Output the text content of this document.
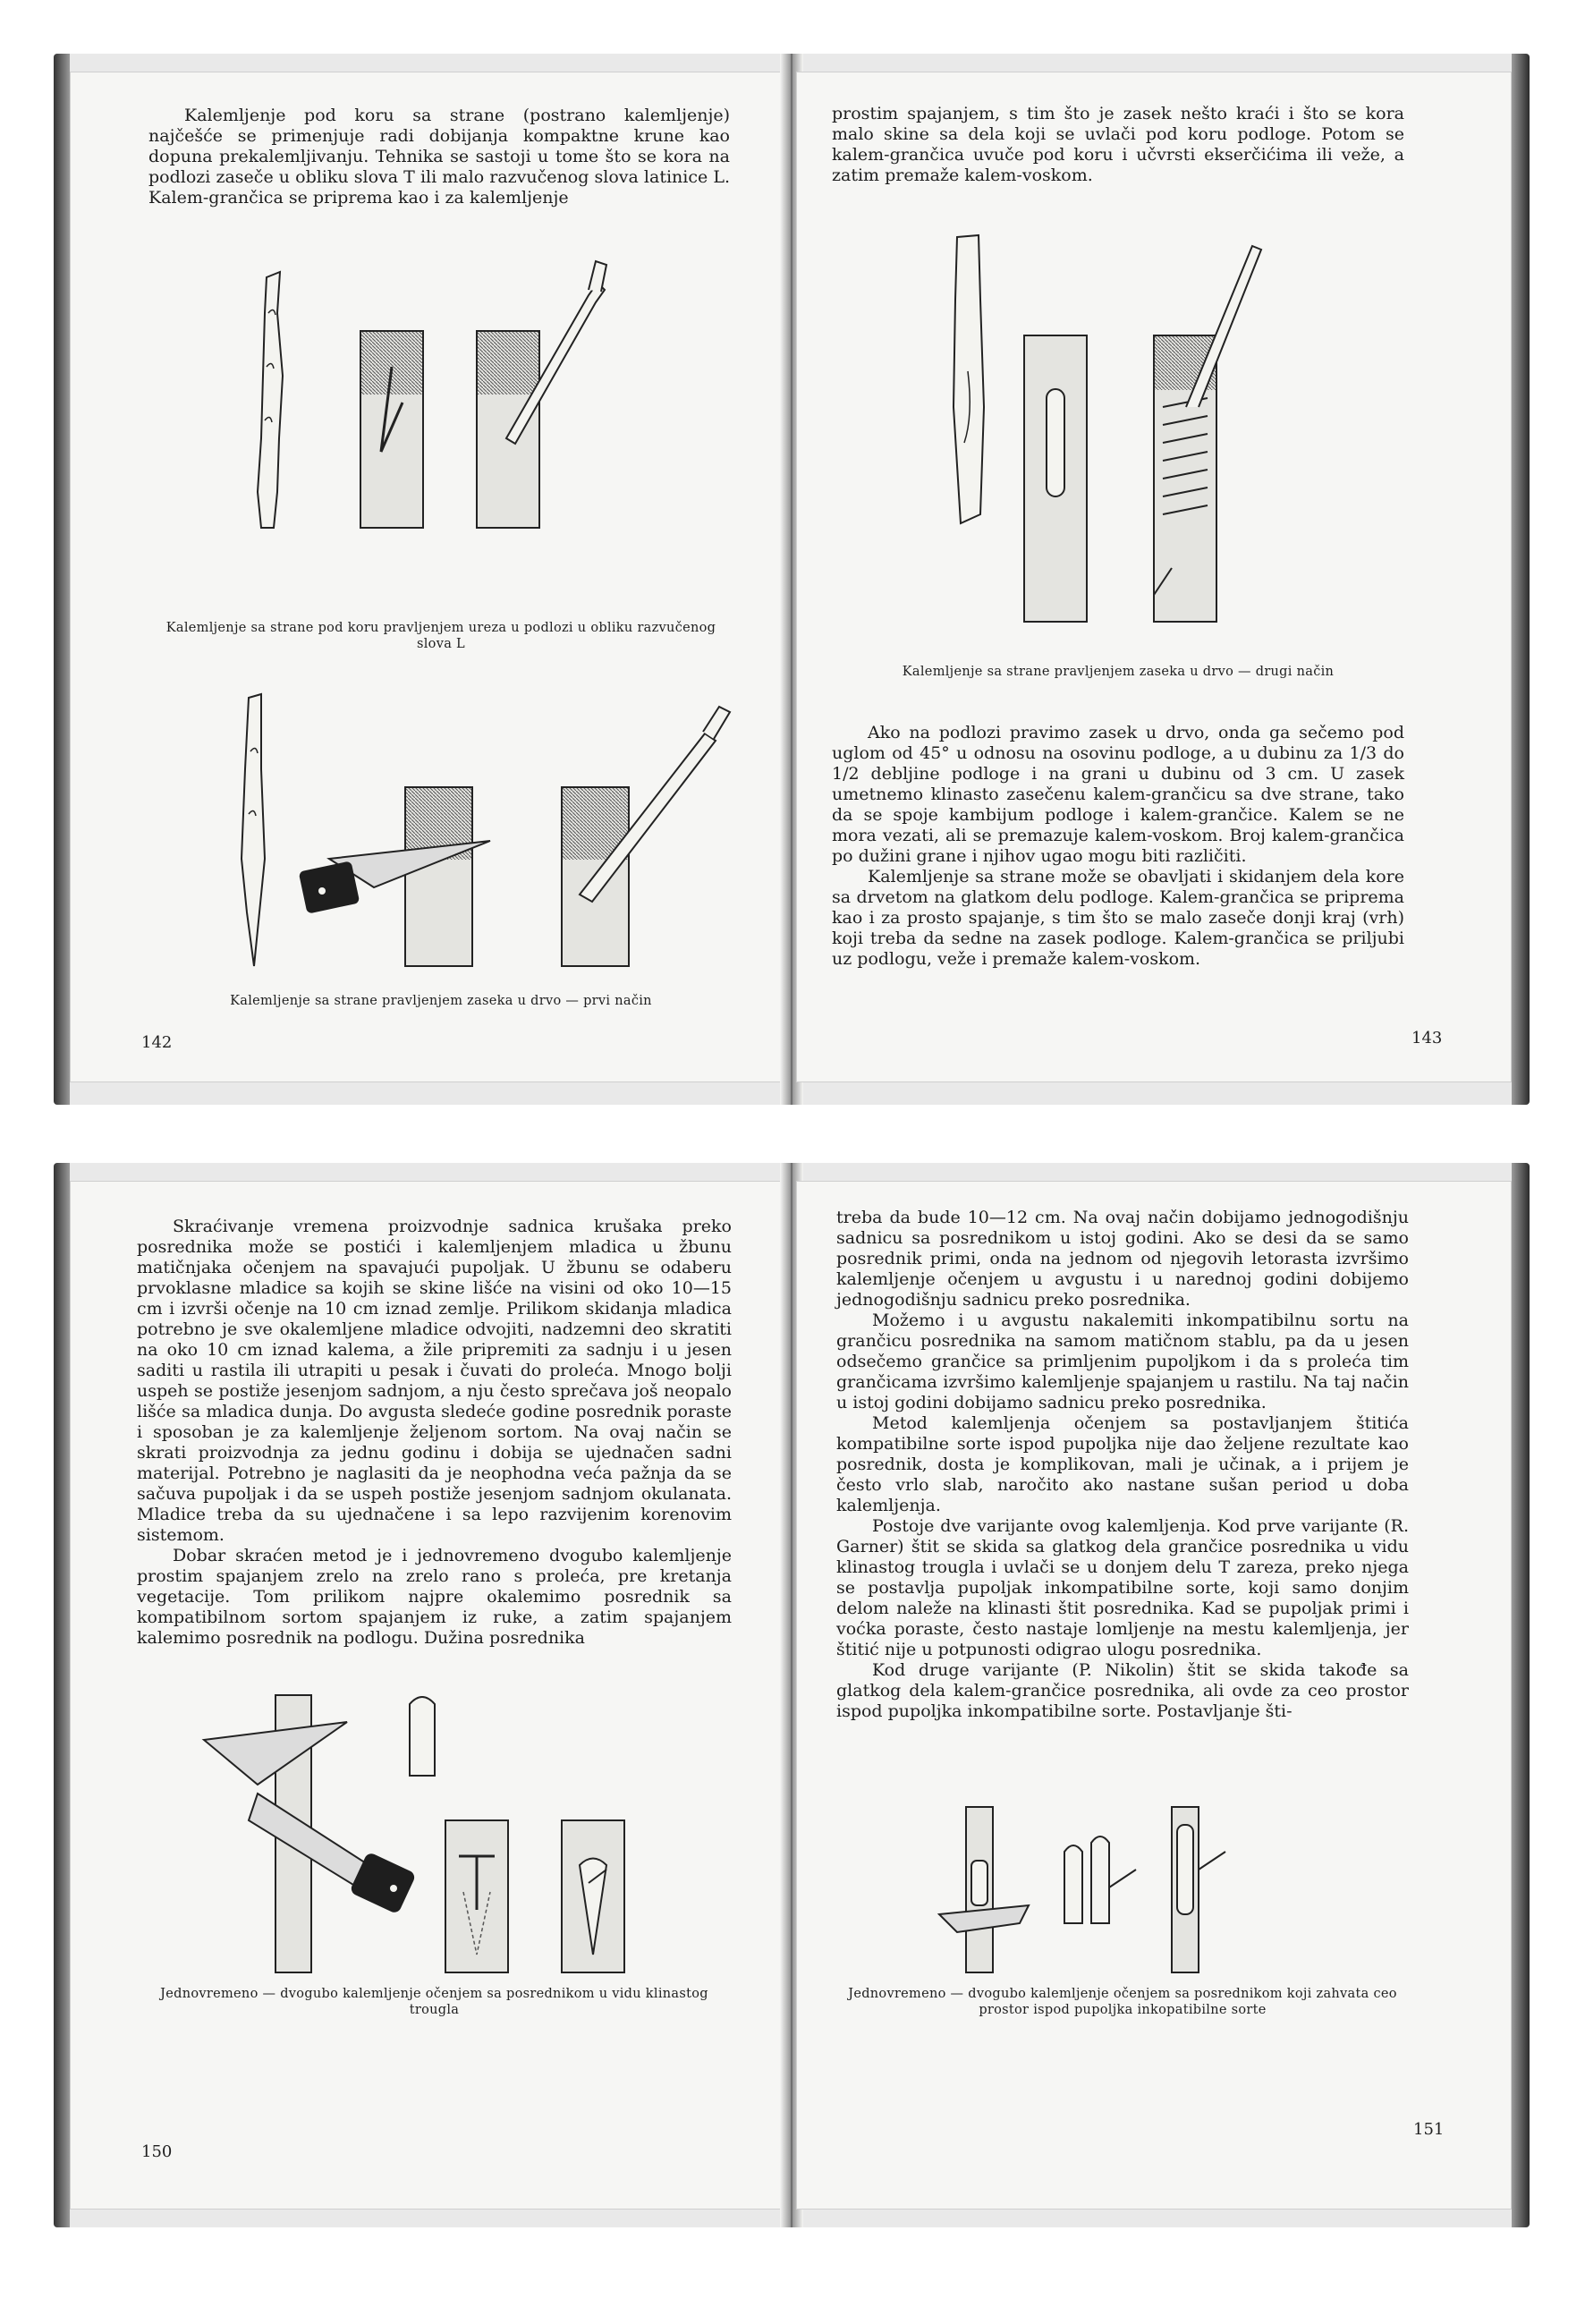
Kalemljenje pod koru sa strane (postrano kalemljenje) najčešće se primenjuje radi dobijanja kompaktne krune kao dopuna prekalemljivanju. Tehnika se sastoji u tome što se kora na podlozi zaseče u obliku slova T ili malo razvučenog slova latinice L. Kalem-grančica se priprema kao i za kalemljenje

Kalemljenje sa strane pod koru pravljenjem ureza u podlozi u obliku razvučenog slova L
Kalemljenje sa strane pravljenjem zaseka u drvo — prvi način
142

prostim spajanjem, s tim što je zasek nešto kraći i što se kora malo skine sa dela koji se uvlači pod koru podloge. Potom se kalem-grančica uvuče pod koru i učvrsti ekserčićima ili veže, a zatim premaže kalem-voskom.

Kalemljenje sa strane pravljenjem zaseka u drvo — drugi način

Ako na podlozi pravimo zasek u drvo, onda ga sečemo pod uglom od 45° u odnosu na osovinu podloge, a u dubinu za 1/3 do 1/2 debljine podloge i na grani u dubinu od 3 cm. U zasek umetnemo klinasto zasečenu kalem-grančicu sa dve strane, tako da se spoje kambijum podloge i kalem-grančice. Kalem se ne mora vezati, ali se premazuje kalem-voskom. Broj kalem-grančica po dužini grane i njihov ugao mogu biti različiti.

Kalemljenje sa strane može se obavljati i skidanjem dela kore sa drvetom na glatkom delu podloge. Kalem-grančica se priprema kao i za prosto spajanje, s tim što se malo zaseče donji kraj (vrh) koji treba da sedne na zasek podloge. Kalem-grančica se priljubi uz podlogu, veže i premaže kalem-voskom.

143

Skraćivanje vremena proizvodnje sadnica krušaka preko posrednika može se postići i kalemljenjem mladica u žbunu matičnjaka očenjem na spavajući pupoljak. U žbunu se odaberu prvoklasne mladice sa kojih se skine lišće na visini od oko 10—15 cm i izvrši očenje na 10 cm iznad zemlje. Prilikom skidanja mladica potrebno je sve okalemljene mladice odvojiti, nadzemni deo skratiti na oko 10 cm iznad kalema, a žile pripremiti za sadnju i u jesen saditi u rastila ili utrapiti u pesak i čuvati do proleća. Mnogo bolji uspeh se postiže jesenjom sadnjom, a nju često sprečava još neopalo lišće sa mladica dunja. Do avgusta sledeće godine posrednik poraste i sposoban je za kalemljenje željenom sortom. Na ovaj način se skrati proizvodnja za jednu godinu i dobija se ujednačen sadni materijal. Potrebno je naglasiti da je neophodna veća pažnja da se sačuva pupoljak i da se uspeh postiže jesenjom sadnjom okulanata. Mladice treba da su ujednačene i sa lepo razvijenim korenovim sistemom.

Dobar skraćen metod je i jednovremeno dvogubo kalemljenje prostim spajanjem zrelo na zrelo rano s proleća, pre kretanja vegetacije. Tom prilikom najpre okalemimo posrednik sa kompatibilnom sortom spajanjem iz ruke, a zatim spajanjem kalemimo posrednik na podlogu. Dužina posrednika

Jednovremeno — dvogubo kalemljenje očenjem sa posrednikom u vidu klinastog trougla
150

treba da bude 10—12 cm. Na ovaj način dobijamo jednogodišnju sadnicu sa posrednikom u istoj godini. Ako se desi da se samo posrednik primi, onda na jednom od njegovih letorasta izvršimo kalemljenje očenjem u avgustu i u narednoj godini dobijemo jednogodišnju sadnicu preko posrednika.

Možemo i u avgustu nakalemiti inkompatibilnu sortu na grančicu posrednika na samom matičnom stablu, pa da u jesen odsečemo grančice sa primljenim pupoljkom i da s proleća tim grančicama izvršimo kalemljenje spajanjem u rastilu. Na taj način u istoj godini dobijamo sadnicu preko posrednika.

Metod kalemljenja očenjem sa postavljanjem štitića kompatibilne sorte ispod pupoljka nije dao željene rezultate kao posrednik, dosta je komplikovan, mali je učinak, a i prijem je često vrlo slab, naročito ako nastane sušan period u doba kalemljenja.

Postoje dve varijante ovog kalemljenja. Kod prve varijante (R. Garner) štit se skida sa glatkog dela grančice posrednika u vidu klinastog trougla i uvlači se u donjem delu T zareza, preko njega se postavlja pupoljak inkompatibilne sorte, koji samo donjim delom naleže na klinasti štit posrednika. Kad se pupoljak primi i voćka poraste, često nastaje lomljenje na mestu kalemljenja, jer štitić nije u potpunosti odigrao ulogu posrednika.

Kod druge varijante (P. Nikolin) štit se skida takođe sa glatkog dela kalem-grančice posrednika, ali ovde za ceo prostor ispod pupoljka inkompatibilne sorte. Postavljanje šti-

Jednovremeno — dvogubo kalemljenje očenjem sa posrednikom koji zahvata ceo prostor ispod pupoljka inkopatibilne sorte
151
